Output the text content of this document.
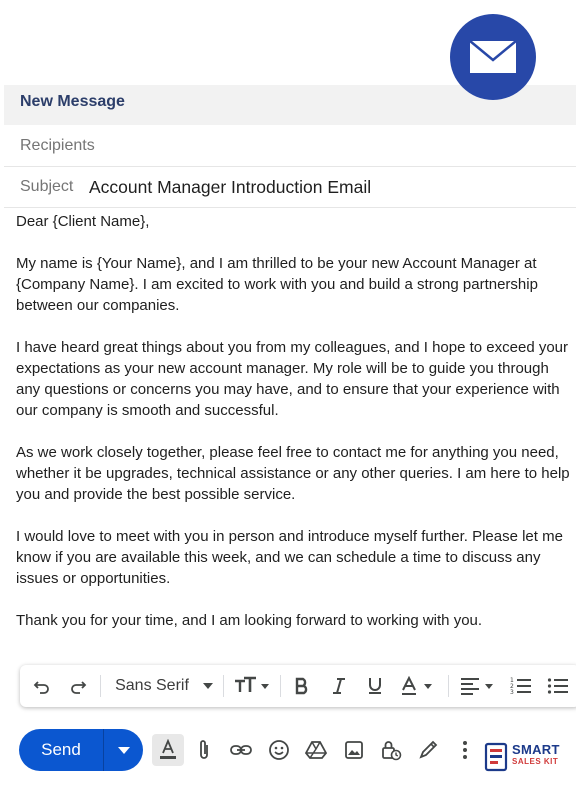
New Message
Recipients
Subject Account Manager Introduction Email

Dear {Client Name},

My name is {Your Name}, and I am thrilled to be your new Account Manager at {Company Name}. I am excited to work with you and build a strong partnership between our companies.

I have heard great things about you from my colleagues, and I hope to exceed your expectations as your new account manager. My role will be to guide you through any questions or concerns you may have, and to ensure that your experience with our company is smooth and successful.

As we work closely together, please feel free to contact me for anything you need, whether it be upgrades, technical assistance or any other queries. I am here to help you and provide the best possible service.

I would love to meet with you in person and introduce myself further. Please let me know if you are available this week, and we can schedule a time to discuss any issues or opportunities.

Thank you for your time, and I am looking forward to working with you.

Sans Serif	1
2
3
Send	SMART
SALES KIT
